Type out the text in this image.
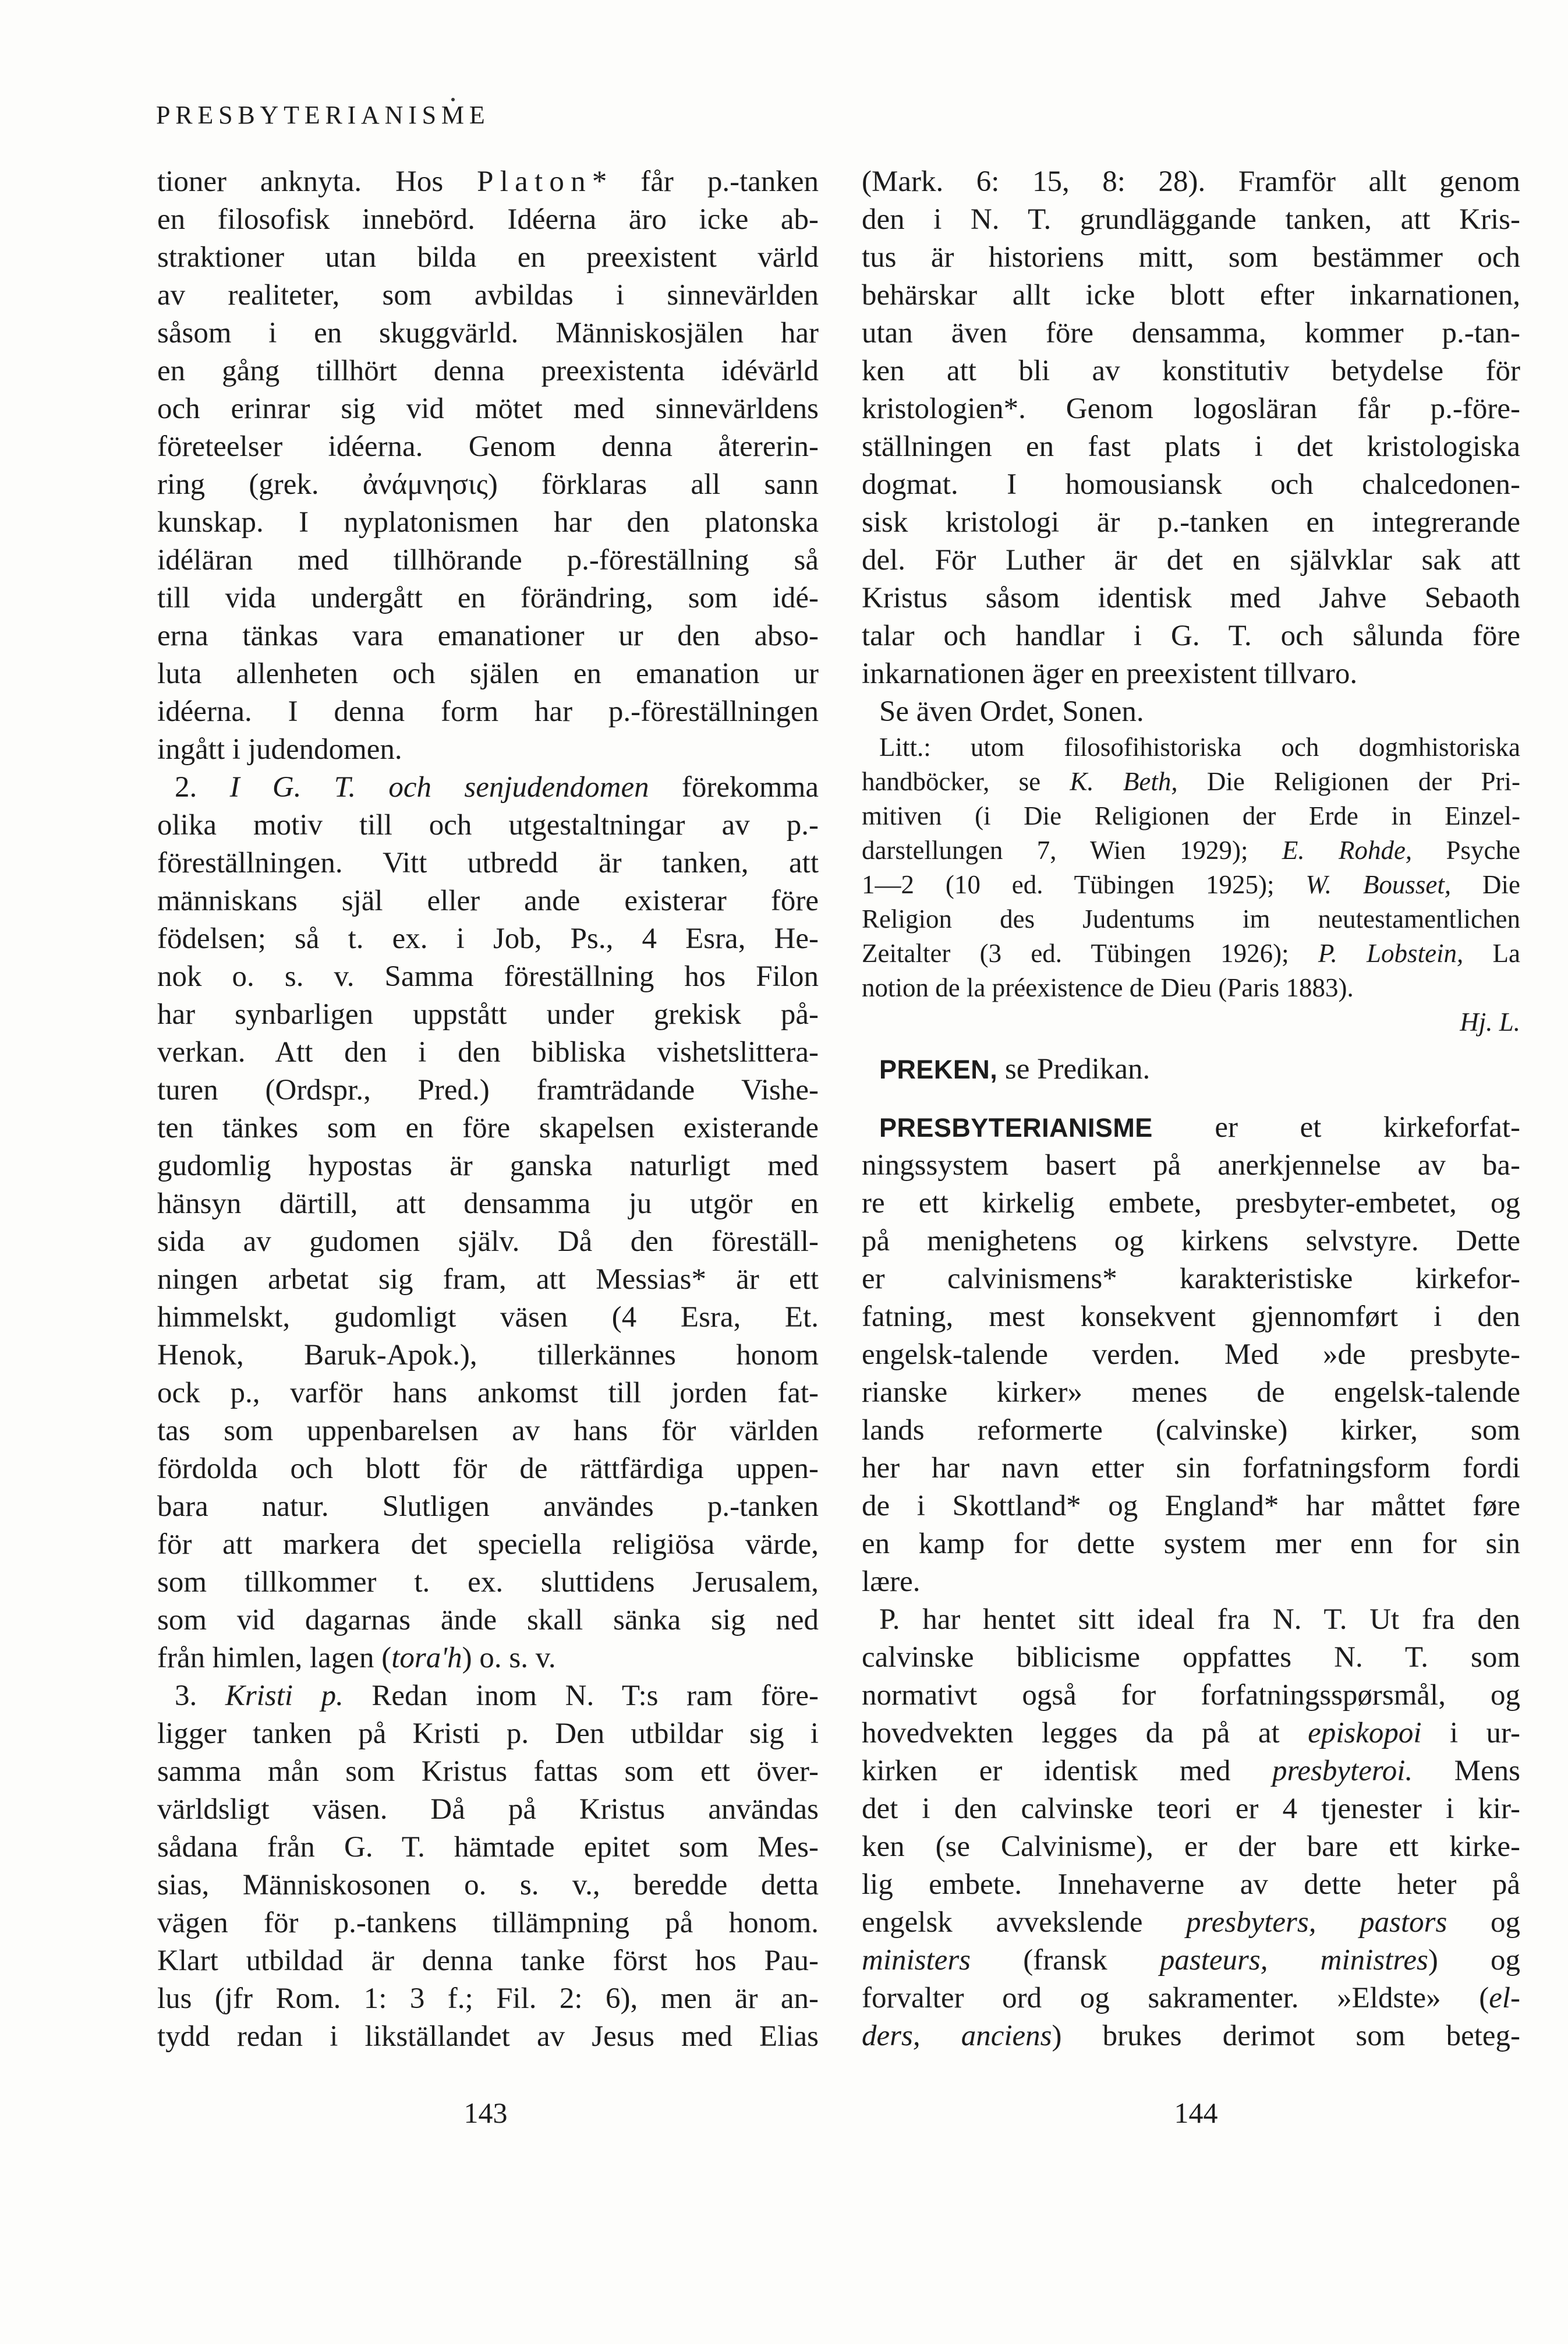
PRESBYTERIANISME
tioner anknyta. Hos Platon* får p.-tanken
en filosofisk innebörd. Idéerna äro icke ab-
straktioner utan bilda en preexistent värld
av realiteter, som avbildas i sinnevärlden
såsom i en skuggvärld. Människosjälen har
en gång tillhört denna preexistenta idévärld
och erinrar sig vid mötet med sinnevärldens
företeelser idéerna. Genom denna återerin-
ring (grek. ἀνάμνησις) förklaras all sann
kunskap. I nyplatonismen har den platonska
idéläran med tillhörande p.-föreställning så
till vida undergått en förändring, som idé-
erna tänkas vara emanationer ur den abso-
luta allenheten och själen en emanation ur
idéerna. I denna form har p.-föreställningen
ingått i judendomen.
2. I G. T. och senjudendomen förekomma
olika motiv till och utgestaltningar av p.-
föreställningen. Vitt utbredd är tanken, att
människans själ eller ande existerar före
födelsen; så t. ex. i Job, Ps., 4 Esra, He-
nok o. s. v. Samma föreställning hos Filon
har synbarligen uppstått under grekisk på-
verkan. Att den i den bibliska vishetslittera-
turen (Ordspr., Pred.) framträdande Vishe-
ten tänkes som en före skapelsen existerande
gudomlig hypostas är ganska naturligt med
hänsyn därtill, att densamma ju utgör en
sida av gudomen själv. Då den föreställ-
ningen arbetat sig fram, att Messias* är ett
himmelskt, gudomligt väsen (4 Esra, Et.
Henok, Baruk-Apok.), tillerkännes honom
ock p., varför hans ankomst till jorden fat-
tas som uppenbarelsen av hans för världen
fördolda och blott för de rättfärdiga uppen-
bara natur. Slutligen användes p.-tanken
för att markera det speciella religiösa värde,
som tillkommer t. ex. sluttidens Jerusalem,
som vid dagarnas ände skall sänka sig ned
från himlen, lagen (toraʹh) o. s. v.
3. Kristi p. Redan inom N. T:s ram före-
ligger tanken på Kristi p. Den utbildar sig i
samma mån som Kristus fattas som ett över-
världsligt väsen. Då på Kristus användas
sådana från G. T. hämtade epitet som Mes-
sias, Människosonen o. s. v., beredde detta
vägen för p.-tankens tillämpning på honom.
Klart utbildad är denna tanke först hos Pau-
lus (jfr Rom. 1: 3 f.; Fil. 2: 6), men är an-
tydd redan i likställandet av Jesus med Elias
(Mark. 6: 15, 8: 28). Framför allt genom
den i N. T. grundläggande tanken, att Kris-
tus är historiens mitt, som bestämmer och
behärskar allt icke blott efter inkarnationen,
utan även före densamma, kommer p.-tan-
ken att bli av konstitutiv betydelse för
kristologien*. Genom logosläran får p.-före-
ställningen en fast plats i det kristologiska
dogmat. I homousiansk och chalcedonen-
sisk kristologi är p.-tanken en integrerande
del. För Luther är det en självklar sak att
Kristus såsom identisk med Jahve Sebaoth
talar och handlar i G. T. och sålunda före
inkarnationen äger en preexistent tillvaro.
Se även Ordet, Sonen.
Litt.: utom filosofihistoriska och dogmhistoriska
handböcker, se K. Beth, Die Religionen der Pri-
mitiven (i Die Religionen der Erde in Einzel-
darstellungen 7, Wien 1929); E. Rohde, Psyche
1—2 (10 ed. Tübingen 1925); W. Bousset, Die
Religion des Judentums im neutestamentlichen
Zeitalter (3 ed. Tübingen 1926); P. Lobstein, La
notion de la préexistence de Dieu (Paris 1883).
Hj. L.
PREKEN, se Predikan.
PRESBYTERIANISME er et kirkeforfat-
ningssystem basert på anerkjennelse av ba-
re ett kirkelig embete, presbyter-embetet, og
på menighetens og kirkens selvstyre. Dette
er calvinismens* karakteristiske kirkefor-
fatning, mest konsekvent gjennomført i den
engelsk-talende verden. Med »de presbyte-
rianske kirker» menes de engelsk-talende
lands reformerte (calvinske) kirker, som
her har navn etter sin forfatningsform fordi
de i Skottland* og England* har måttet føre
en kamp for dette system mer enn for sin
lære.
P. har hentet sitt ideal fra N. T. Ut fra den
calvinske biblicisme oppfattes N. T. som
normativt også for forfatningsspørsmål, og
hovedvekten legges da på at episkopoi i ur-
kirken er identisk med presbyteroi. Mens
det i den calvinske teori er 4 tjenester i kir-
ken (se Calvinisme), er der bare ett kirke-
lig embete. Innehaverne av dette heter på
engelsk avvekslende presbyters, pastors og
ministers (fransk pasteurs, ministres) og
forvalter ord og sakramenter. »Eldste» (el-
ders, anciens) brukes derimot som beteg-
143	144
